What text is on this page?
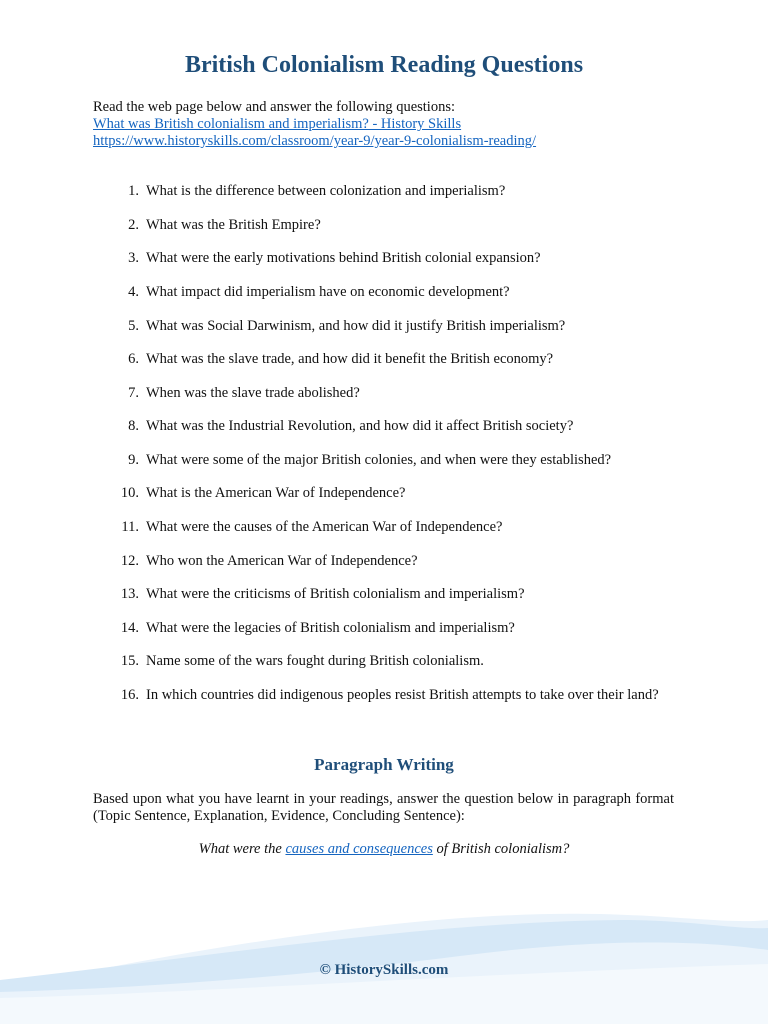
British Colonialism Reading Questions
Read the web page below and answer the following questions:
What was British colonialism and imperialism? - History Skills
https://www.historyskills.com/classroom/year-9/year-9-colonialism-reading/
1. What is the difference between colonization and imperialism?
2. What was the British Empire?
3. What were the early motivations behind British colonial expansion?
4. What impact did imperialism have on economic development?
5. What was Social Darwinism, and how did it justify British imperialism?
6. What was the slave trade, and how did it benefit the British economy?
7. When was the slave trade abolished?
8. What was the Industrial Revolution, and how did it affect British society?
9. What were some of the major British colonies, and when were they established?
10. What is the American War of Independence?
11. What were the causes of the American War of Independence?
12. Who won the American War of Independence?
13. What were the criticisms of British colonialism and imperialism?
14. What were the legacies of British colonialism and imperialism?
15. Name some of the wars fought during British colonialism.
16. In which countries did indigenous peoples resist British attempts to take over their land?
Paragraph Writing

Based upon what you have learnt in your readings, answer the question below in paragraph format (Topic Sentence, Explanation, Evidence, Concluding Sentence):

What were the causes and consequences of British colonialism?

© HistorySkills.com
